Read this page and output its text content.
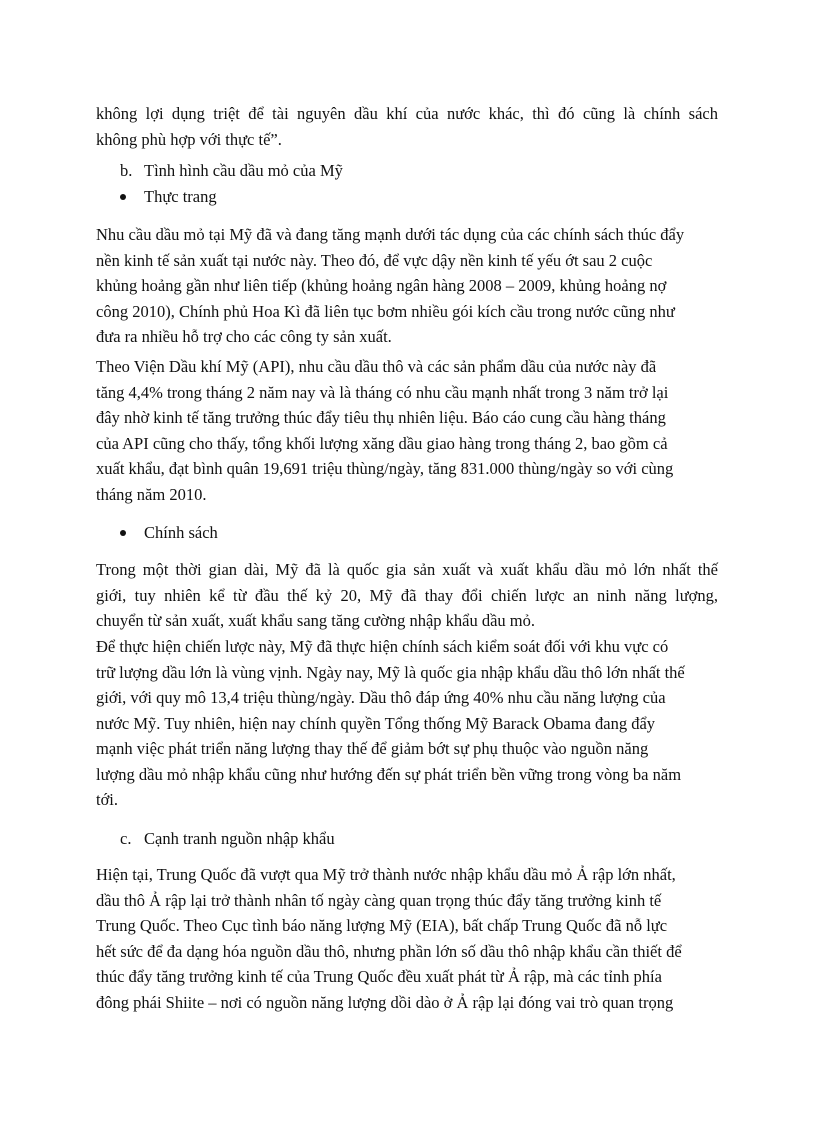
không lợi dụng triệt để tài nguyên dầu khí của nước khác, thì đó cũng là chính sách
không phù hợp với thực tế”.

b. Tình hình cầu dầu mỏ của Mỹ
Thực trang

Nhu cầu dầu mỏ tại Mỹ đã và đang tăng mạnh dưới tác dụng của các chính sách thúc đẩy
nền kinh tế sản xuất tại nước này. Theo đó, để vực dậy nền kinh tế yếu ớt sau 2 cuộc
khủng hoảng gần như liên tiếp (khủng hoảng ngân hàng 2008 – 2009, khủng hoảng nợ
công 2010), Chính phủ Hoa Kì đã liên tục bơm nhiều gói kích cầu trong nước cũng như
đưa ra nhiều hỗ trợ cho các công ty sản xuất.

Theo Viện Dầu khí Mỹ (API), nhu cầu dầu thô và các sản phẩm dầu của nước này đã
tăng 4,4% trong tháng 2 năm nay và là tháng có nhu cầu mạnh nhất trong 3 năm trở lại
đây nhờ kinh tế tăng trưởng thúc đẩy tiêu thụ nhiên liệu. Báo cáo cung cầu hàng tháng
của API cũng cho thấy, tổng khối lượng xăng dầu giao hàng trong tháng 2, bao gồm cả
xuất khẩu, đạt bình quân 19,691 triệu thùng/ngày, tăng 831.000 thùng/ngày so với cùng
tháng năm 2010.

Chính sách

Trong một thời gian dài, Mỹ đã là quốc gia sản xuất và xuất khẩu dầu mỏ lớn nhất thế
giới, tuy nhiên kể từ đầu thế kỷ 20, Mỹ đã thay đổi chiến lược an ninh năng lượng,
chuyển từ sản xuất, xuất khẩu sang tăng cường nhập khẩu dầu mỏ.

Để thực hiện chiến lược này, Mỹ đã thực hiện chính sách kiểm soát đối với khu vực có
trữ lượng dầu lớn là vùng vịnh. Ngày nay, Mỹ là quốc gia nhập khẩu dầu thô lớn nhất thế
giới, với quy mô 13,4 triệu thùng/ngày. Dầu thô đáp ứng 40% nhu cầu năng lượng của
nước Mỹ. Tuy nhiên, hiện nay chính quyền Tổng thống Mỹ Barack Obama đang đẩy
mạnh việc phát triển năng lượng thay thế để giảm bớt sự phụ thuộc vào nguồn năng
lượng dầu mỏ nhập khẩu cũng như hướng đến sự phát triển bền vững trong vòng ba năm
tới.

c. Cạnh tranh nguồn nhập khẩu

Hiện tại, Trung Quốc đã vượt qua Mỹ trở thành nước nhập khẩu dầu mỏ Ả rập lớn nhất,
dầu thô Ả rập lại trở thành nhân tố ngày càng quan trọng thúc đẩy tăng trưởng kinh tế
Trung Quốc. Theo Cục tình báo năng lượng Mỹ (EIA), bất chấp Trung Quốc đã nỗ lực
hết sức để đa dạng hóa nguồn dầu thô, nhưng phần lớn số dầu thô nhập khẩu cần thiết để
thúc đẩy tăng trưởng kinh tế của Trung Quốc đều xuất phát từ Ả rập, mà các tỉnh phía
đông phái Shiite – nơi có nguồn năng lượng dồi dào ở Ả rập lại đóng vai trò quan trọng
